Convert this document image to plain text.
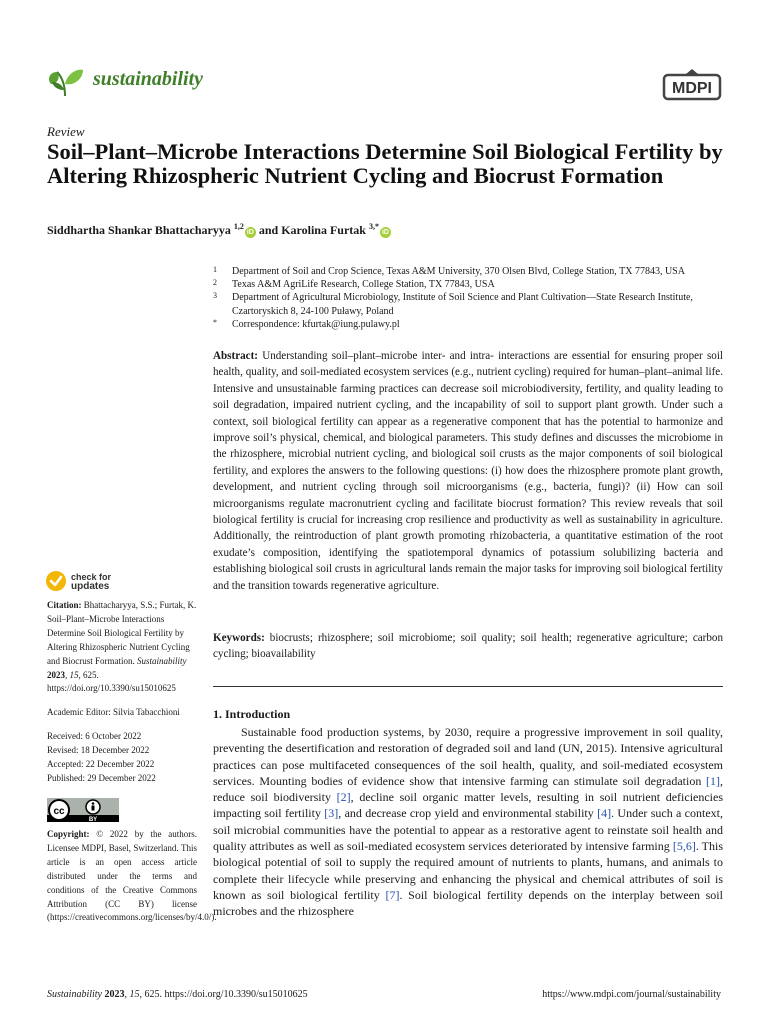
sustainability	MDPI
Review
Soil–Plant–Microbe Interactions Determine Soil Biological Fertility by Altering Rhizospheric Nutrient Cycling and Biocrust Formation
Siddhartha Shankar Bhattacharyya $^{1,2}$iD and Karolina Furtak $^{3,*}$iD
1 Department of Soil and Crop Science, Texas A&M University, 370 Olsen Blvd, College Station, TX 77843, USA
2 Texas A&M AgriLife Research, College Station, TX 77843, USA
3 Department of Agricultural Microbiology, Institute of Soil Science and Plant Cultivation—State Research Institute, Czartoryskich 8, 24-100 Puławy, Poland
* Correspondence: kfurtak@iung.pulawy.pl
Abstract: Understanding soil–plant–microbe inter- and intra- interactions are essential for ensuring proper soil health, quality, and soil-mediated ecosystem services (e.g., nutrient cycling) required for human–plant–animal life. Intensive and unsustainable farming practices can decrease soil microbiodiversity, fertility, and quality leading to soil degradation, impaired nutrient cycling, and the incapability of soil to support plant growth. Under such a context, soil biological fertility can appear as a regenerative component that has the potential to harmonize and improve soil’s physical, chemical, and biological parameters. This study defines and discusses the microbiome in the rhizosphere, microbial nutrient cycling, and biological soil crusts as the major components of soil biological fertility, and explores the answers to the following questions: (i) how does the rhizosphere promote plant growth, development, and nutrient cycling through soil microorganisms (e.g., bacteria, fungi)? (ii) How can soil microorganisms regulate macronutrient cycling and facilitate biocrust formation? This review reveals that soil biological fertility is crucial for increasing crop resilience and productivity as well as sustainability in agriculture. Additionally, the reintroduction of plant growth promoting rhizobacteria, a quantitative estimation of the root exudate’s composition, identifying the spatiotemporal dynamics of potassium solubilizing bacteria and establishing biological soil crusts in agricultural lands remain the major tasks for improving soil biological fertility and the transition towards regenerative agriculture.
Keywords: biocrusts; rhizosphere; soil microbiome; soil quality; soil health; regenerative agriculture; carbon cycling; bioavailability
1. Introduction
Sustainable food production systems, by 2030, require a progressive improvement in soil quality, preventing the desertification and restoration of degraded soil and land (UN, 2015). Intensive agricultural practices can pose multifaceted consequences of the soil health, quality, and soil-mediated ecosystem services. Mounting bodies of evidence show that intensive farming can stimulate soil degradation [1], reduce soil biodiversity [2], decline soil organic matter levels, resulting in soil nutrient deficiencies impacting soil fertility [3], and decrease crop yield and environmental stability [4]. Under such a context, soil microbial communities have the potential to appear as a restorative agent to reinstate soil health and quality attributes as well as soil-mediated ecosystem services deteriorated by intensive farming [5,6]. This biological potential of soil to supply the required amount of nutrients to plants, humans, and animals to complete their lifecycle while preserving and enhancing the physical and chemical attributes of soil is known as soil biological fertility [7]. Soil biological fertility depends on the interplay between soil microbes and the rhizosphere
check for
updates
Citation: Bhattacharyya, S.S.; Furtak, K. Soil–Plant–Microbe Interactions Determine Soil Biological Fertility by Altering Rhizospheric Nutrient Cycling and Biocrust Formation. Sustainability 2023, 15, 625. https://doi.org/10.3390/su15010625
Academic Editor: Silvia Tabacchioni
Received: 6 October 2022
Revised: 18 December 2022
Accepted: 22 December 2022
Published: 29 December 2022
cc
BY
Copyright: © 2022 by the authors. Licensee MDPI, Basel, Switzerland. This article is an open access article distributed under the terms and conditions of the Creative Commons Attribution (CC BY) license (https://creativecommons.org/licenses/by/4.0/).
Sustainability 2023, 15, 625. https://doi.org/10.3390/su15010625	https://www.mdpi.com/journal/sustainability
